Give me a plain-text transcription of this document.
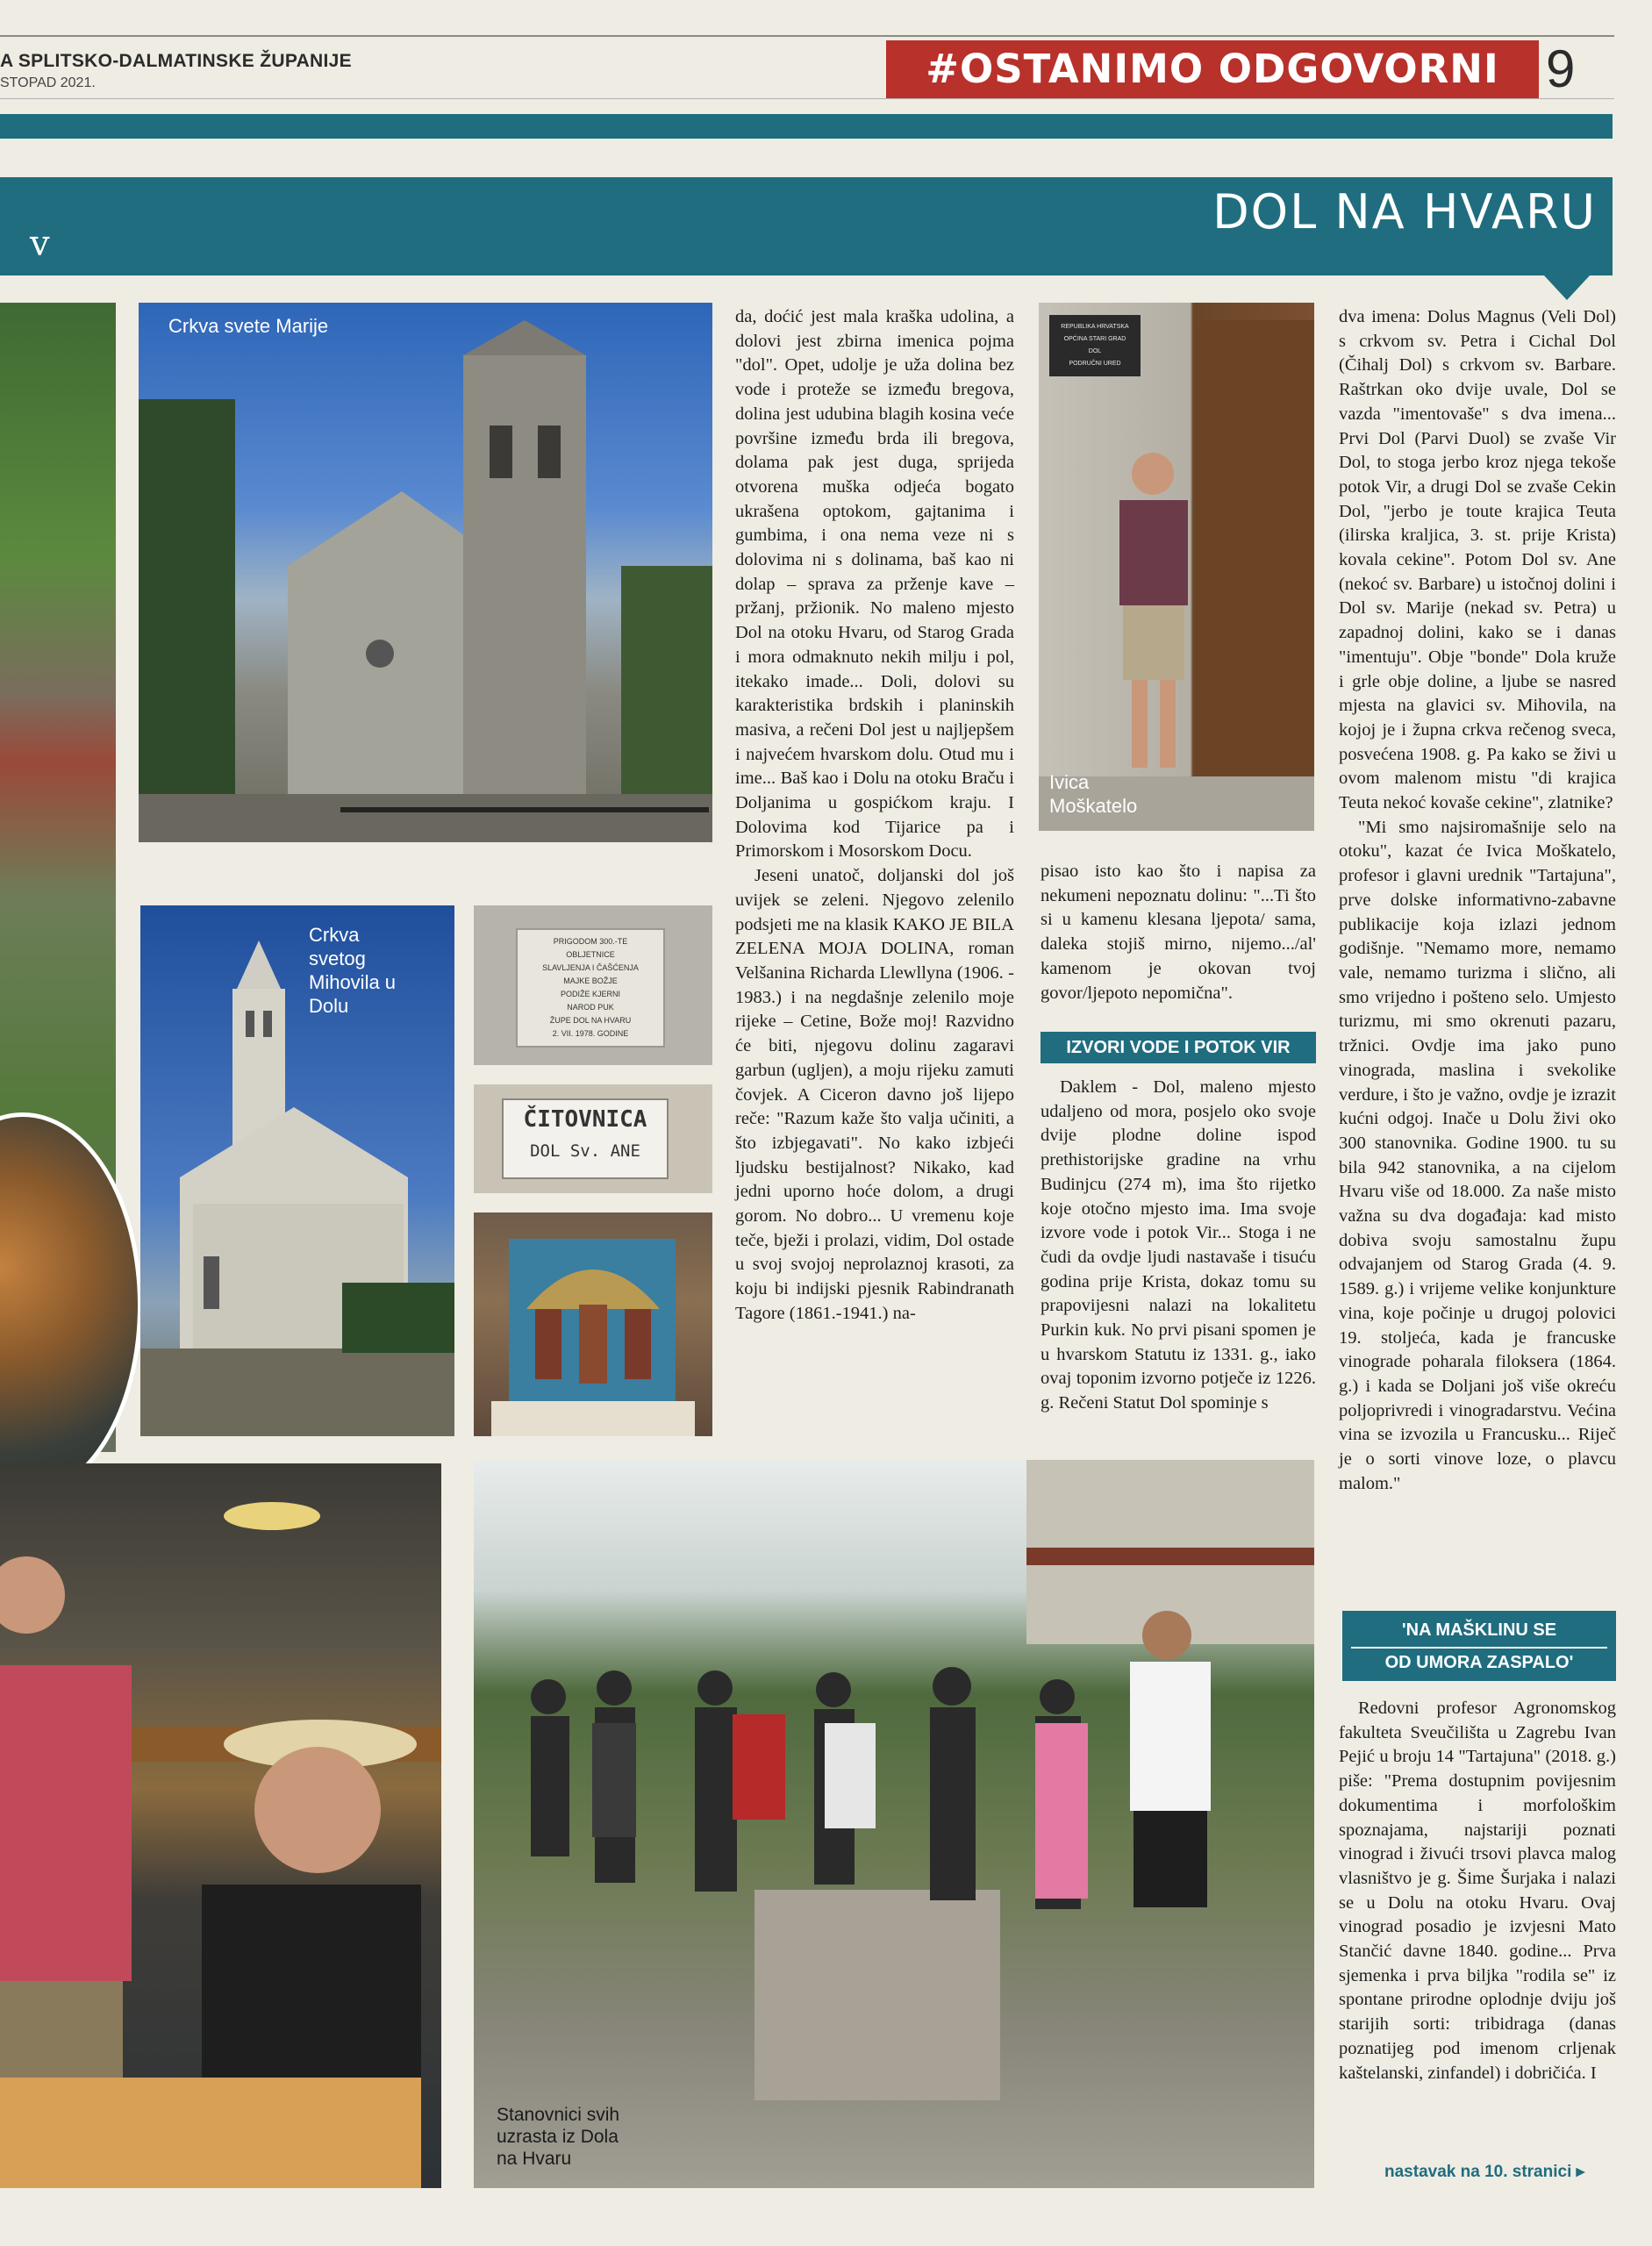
A SPLITSKO-DALMATINSKE ŽUPANIJE
STOPAD 2021.	#OSTANIMO ODGOVORNI 9
ⅴ
DOL NA HVARU
Crkva svete Marije
Crkva
svetog
Mihovila u
Dolu
PRIGODOM 300.-TE
OBLJETNICE
SLAVLJENJA I ČAŠĆENJA
MAJKE BOŽJE
PODIŽE KJERNI
NAROD PUK
ŽUPE DOL NA HVARU
2. VII. 1978. GODINE
ČITOVNICA
DOL Sv. ANE
Ivica
Moškatelo
Stanovnici svih
uzrasta iz Dola
na Hvaru

da, doćić jest mala kraška udolina, a dolovi jest zbirna imenica pojma "dol". Opet, udolje je uža dolina bez vode i proteže se između bregova, dolina jest udubina blagih kosina veće površine između brda ili bregova, dolama pak jest duga, sprijeda otvorena muška odjeća bogato ukrašena optokom, gajtanima i gumbima, i ona nema veze ni s dolovima ni s dolinama, baš kao ni dolap – sprava za prženje kave – pržanj, pržionik. No maleno mjesto Dol na otoku Hvaru, od Starog Grada i mora odmaknuto nekih milju i pol, itekako imade... Doli, dolovi su karakteristika brdskih i planinskih masiva, a rečeni Dol jest u najljepšem i najvećem hvarskom dolu. Otud mu i ime... Baš kao i Dolu na otoku Braču i Doljanima u gospićkom kraju. I Dolovima kod Tijarice pa i Primorskom i Mosorskom Docu.

Jeseni unatoč, doljanski dol još uvijek se zeleni. Njegovo zelenilo podsjeti me na klasik KAKO JE BILA ZELENA MOJA DOLINA, roman Velšanina Richarda Llewllyna (1906. - 1983.) i na negdašnje zelenilo moje rijeke – Cetine, Bože moj! Razvidno će biti, njegovu dolinu zagaravi garbun (ugljen), a moju rijeku zamuti čovjek. A Ciceron davno još lijepo reče: "Razum kaže što valja učiniti, a što izbjegavati". No kako izbjeći ljudsku bestijalnost? Nikako, kad jedni uporno hoće dolom, a drugi gorom. No dobro... U vremenu koje teče, bježi i prolazi, vidim, Dol ostade u svoj svojoj neprolaznoj krasoti, za koju bi indijski pjesnik Rabindranath Tagore (1861.-1941.) na-

pisao isto kao što i napisa za nekumeni nepoznatu dolinu: "...Ti što si u kamenu klesana ljepota/ sama, daleka stojiš mirno, nijemo.../al' kamenom je okovan tvoj govor/ljepoto nepomična".

IZVORI VODE I POTOK VIR

Daklem - Dol, maleno mjesto udaljeno od mora, posjelo oko svoje dvije plodne doline ispod prethistorijske gradine na vrhu Budinjcu (274 m), ima što rijetko koje otočno mjesto ima. Ima svoje izvore vode i potok Vir... Stoga i ne čudi da ovdje ljudi nastavaše i tisuću godina prije Krista, dokaz tomu su prapovijesni nalazi na lokalitetu Purkin kuk. No prvi pisani spomen je u hvarskom Statutu iz 1331. g., iako ovaj toponim izvorno potječe iz 1226. g. Rečeni Statut Dol spominje s

dva imena: Dolus Magnus (Veli Dol) s crkvom sv. Petra i Cichal Dol (Čihalj Dol) s crkvom sv. Barbare. Raštrkan oko dvije uvale, Dol se vazda "imentovaše" s dva imena... Prvi Dol (Parvi Duol) se zvaše Vir Dol, to stoga jerbo kroz njega tekoše potok Vir, a drugi Dol se zvaše Cekin Dol, "jerbo je toute krajica Teuta (ilirska kraljica, 3. st. prije Krista) kovala cekine". Potom Dol sv. Ane (nekoć sv. Barbare) u istočnoj dolini i Dol sv. Marije (nekad sv. Petra) u zapadnoj dolini, kako se i danas "imentuju". Obje "bonde" Dola kruže i grle obje doline, a ljube se nasred mjesta na glavici sv. Mihovila, na kojoj je i župna crkva rečenog sveca, posvećena 1908. g. Pa kako se živi u ovom malenom mistu "di krajica Teuta nekoć kovaše cekine", zlatnike?

"Mi smo najsiromašnije selo na otoku", kazat će Ivica Moškatelo, profesor i glavni urednik "Tartajuna", prve dolske informativno-zabavne publikacije koja izlazi jednom godišnje. "Nemamo more, nemamo vale, nemamo turizma i slično, ali smo vrijedno i pošteno selo. Umjesto turizmu, mi smo okrenuti pazaru, tržnici. Ovdje ima jako puno vinograda, maslina i svekolike verdure, i što je važno, ovdje je izrazit kućni odgoj. Inače u Dolu živi oko 300 stanovnika. Godine 1900. tu su bila 942 stanovnika, a na cijelom Hvaru više od 18.000. Za naše misto važna su dva događaja: kad misto dobiva svoju samostalnu župu odvajanjem od Starog Grada (4. 9. 1589. g.) i vrijeme velike konjunkture vina, koje počinje u drugoj polovici 19. stoljeća, kada je francuske vinograde poharala filoksera (1864. g.) i kada se Doljani još više okreću poljoprivredi i vinogradarstvu. Većina vina se izvozila u Francusku... Riječ je o sorti vinove loze, o plavcu malom."

'NA MAŠKLINU SE
OD UMORA ZASPALO'

Redovni profesor Agronomskog fakulteta Sveučilišta u Zagrebu Ivan Pejić u broju 14 "Tartajuna" (2018. g.) piše: "Prema dostupnim povijesnim dokumentima i morfološkim spoznajama, najstariji poznati vinograd i živući trsovi plavca malog vlasništvo je g. Šime Šurjaka i nalazi se u Dolu na otoku Hvaru. Ovaj vinograd posadio je izvjesni Mato Stančić davne 1840. godine... Prva sjemenka i prva biljka "rodila se" iz spontane prirodne oplodnje dviju još starijih sorti: tribidraga (danas poznatijeg pod imenom crljenak kaštelanski, zinfandel) i dobričića. I

nastavak na 10. stranici ▸
REPUBLIKA HRVATSKA
OPĆINA STARI GRAD
DOL
PODRUČNI URED
